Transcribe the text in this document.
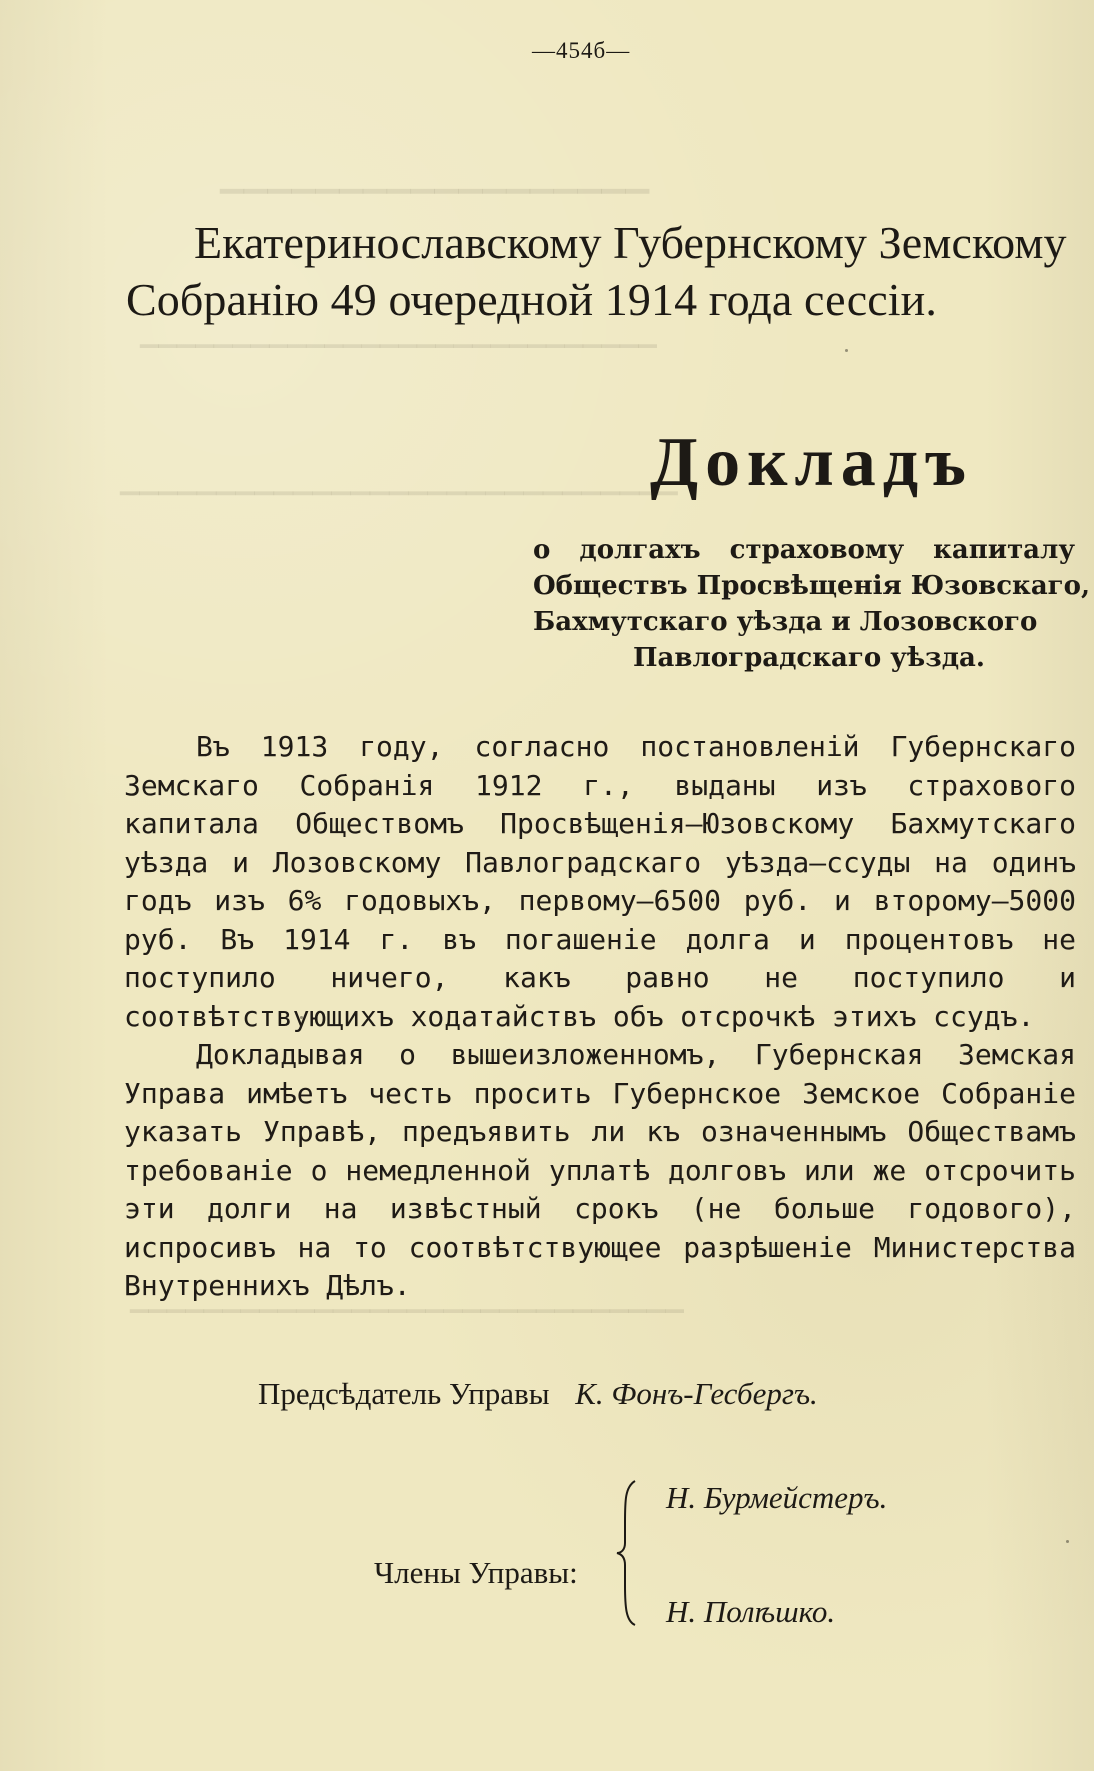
▔▔▔▔▔▔▔▔▔▔▔▔▔▔▔▔▔▔
▔▔▔▔▔▔▔▔▔▔▔▔▔▔▔▔▔▔▔▔▔▔▔▔▔▔▔▔
▔▔▔▔▔▔▔▔▔▔▔▔▔▔▔▔▔▔▔▔▔▔▔▔▔▔▔▔▔
▔▔▔▔▔▔▔▔▔▔▔▔▔▔▔▔▔▔▔▔▔▔▔▔▔▔▔▔▔▔
—454б—
Екатеринославскому Губернскому Земскому
Собранію 49 очередной 1914 года сессіи.
Докладъ
о долгахъ страховому капиталу
Обществъ Просвѣщенія Юзовскаго,
Бахмутскаго уѣзда и Лозовского
Павлоградскаго уѣзда.

Въ 1913 году, согласно постановленій Губернскаго Земскаго Собранія 1912 г., выданы изъ страхового капитала Обществомъ Просвѣщенія—Юзовскому Бахмутскаго уѣзда и Лозовскому Павлоградскаго уѣзда—ссуды на одинъ годъ изъ 6% годовыхъ, первому—6500 руб. и второму—5000 руб. Въ 1914 г. въ погашеніе долга и процентовъ не поступило ничего, какъ равно не поступило и соотвѣтствующихъ ходатайствъ объ отсрочкѣ этихъ ссудъ.

Докладывая о вышеизложенномъ, Губернская Земская Управа имѣетъ честь просить Губернское Земское Собраніе указать Управѣ, предъявить ли къ означеннымъ Обществамъ требованіе о немедленной уплатѣ долговъ или же отсрочить эти долги на извѣстный срокъ (не больше годового), испросивъ на то соотвѣтствующее разрѣшеніе Министерства Внутреннихъ Дѣлъ.

Предсѣдатель Управы К. Фонъ-Гесбергъ.
Члены Управы:
Н. Бурмейстеръ.
Н. Полѣшко.
